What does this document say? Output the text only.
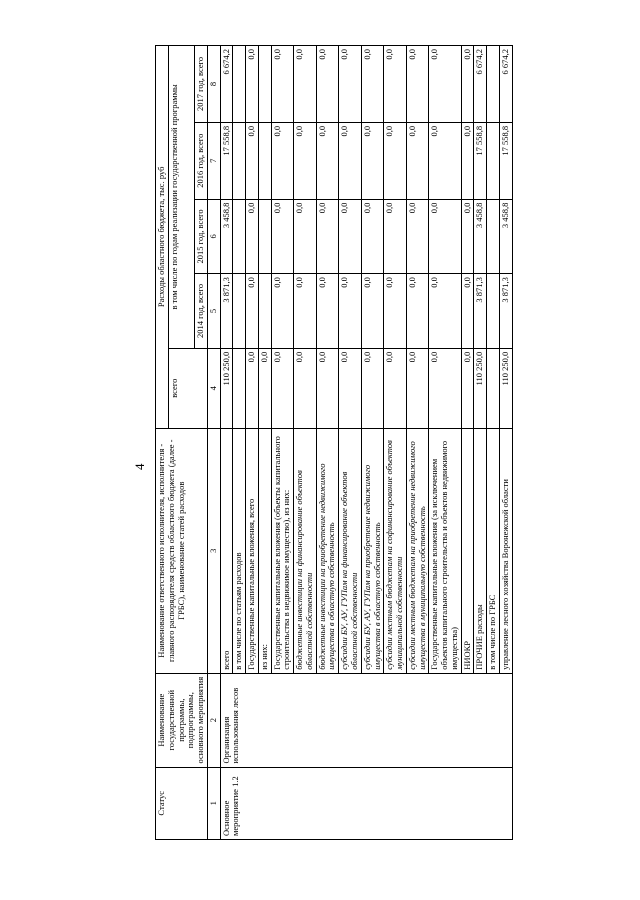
4
Статус	Наименование государственной программы, подпрограммы, основного мероприятия	Наименование ответственного исполнителя, исполнителя - главного распорядителя средств областного бюджета (далее - ГРБС), наименование статей расходов	Расходы областного бюджета, тыс. руб				
			всего	в том числе по годам реализации государственной программы			
				2014 год, всего	2015 год, всего	2016 год, всего	2017 год, всего
1	2	3	4	5	6	7	8
Основное мероприятие 1.2	Организация использования лесов	всего	110 250,0	3 871,3	3 458,8	17 558,8	6 674,2
		в том числе по статьям расходов					
		Государственные капитальные вложения, всего	0,0	0,0	0,0	0,0	0,0
		из них:	0,0				
		Государственные капитальные вложения (объекты капитального строительства в недвижимое имущество), из них:	0,0	0,0	0,0	0,0	0,0
		бюджетные инвестиции на финансирование объектов областной собственности	0,0	0,0	0,0	0,0	0,0
		бюджетные инвестиции на приобретение недвижимого имущества в областную собственность	0,0	0,0	0,0	0,0	0,0
		субсидии БУ, АУ, ГУПам на финансирование объектов областной собственности	0,0	0,0	0,0	0,0	0,0
		субсидии БУ, АУ, ГУПам на приобретение недвижимого имущества в областную собственность	0,0	0,0	0,0	0,0	0,0
		субсидии местным бюджетам на софинансирование объектов муниципальной собственности	0,0	0,0	0,0	0,0	0,0
		субсидии местным бюджетам на приобретение недвижимого имущества в муниципальную собственность	0,0	0,0	0,0	0,0	0,0
		Государственные капитальные вложения (за исключением объектов капитального строительства и объектов недвижимого имущества)	0,0	0,0	0,0	0,0	0,0
		НИОКР	0,0	0,0	0,0	0,0	0,0
		ПРОЧИЕ расходы	110 250,0	3 871,3	3 458,8	17 558,8	6 674,2
		в том числе по ГРБС					
		управление лесного хозяйства Воронежской области	110 250,0	3 871,3	3 458,8	17 558,8	6 674,2
